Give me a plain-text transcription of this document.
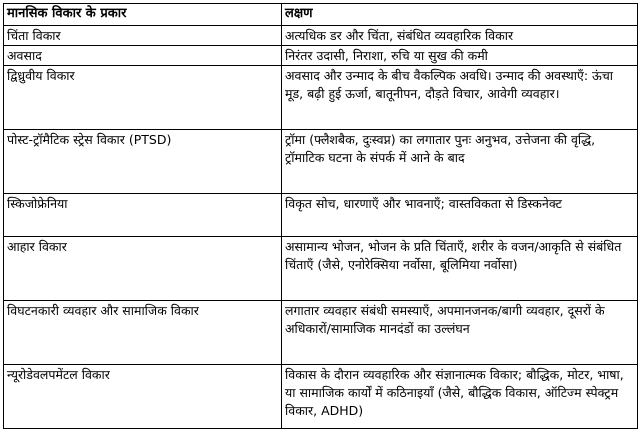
मानसिक विकार के प्रकार	लक्षण
चिंता विकार	अत्यधिक डर और चिंता, संबंधित व्यवहारिक विकार
अवसाद	निरंतर उदासी, निराशा, रुचि या सुख की कमी
द्विध्रुवीय विकार	अवसाद और उन्माद के बीच वैकल्पिक अवधि। उन्माद की अवस्थाएँ: ऊंचा मूड, बढ़ी हुई ऊर्जा, बातूनीपन, दौड़ते विचार, आवेगी व्यवहार।
पोस्ट-ट्रॉमैटिक स्ट्रेस विकार (PTSD)	ट्रॉमा (फ्लैशबैक, दुःस्वप्न) का लगातार पुनः अनुभव, उत्तेजना की वृद्धि, ट्रॉमाटिक घटना के संपर्क में आने के बाद
स्किजोफ्रेनिया	विकृत सोच, धारणाएँ और भावनाएँ; वास्तविकता से डिस्कनेक्ट
आहार विकार	असामान्य भोजन, भोजन के प्रति चिंताएँ, शरीर के वजन/आकृति से संबंधित चिंताएँ (जैसे, एनोरेक्सिया नर्वोसा, बूलिमिया नर्वोसा)
विघटनकारी व्यवहार और सामाजिक विकार	लगातार व्यवहार संबंधी समस्याएँ, अपमानजनक/बागी व्यवहार, दूसरों के अधिकारों/सामाजिक मानदंडों का उल्लंघन
न्यूरोडेवलपमेंटल विकार	विकास के दौरान व्यवहारिक और संज्ञानात्मक विकार; बौद्धिक, मोटर, भाषा, या सामाजिक कार्यों में कठिनाइयाँ (जैसे, बौद्धिक विकास, ऑटिज्म स्पेक्ट्रम विकार, ADHD)
